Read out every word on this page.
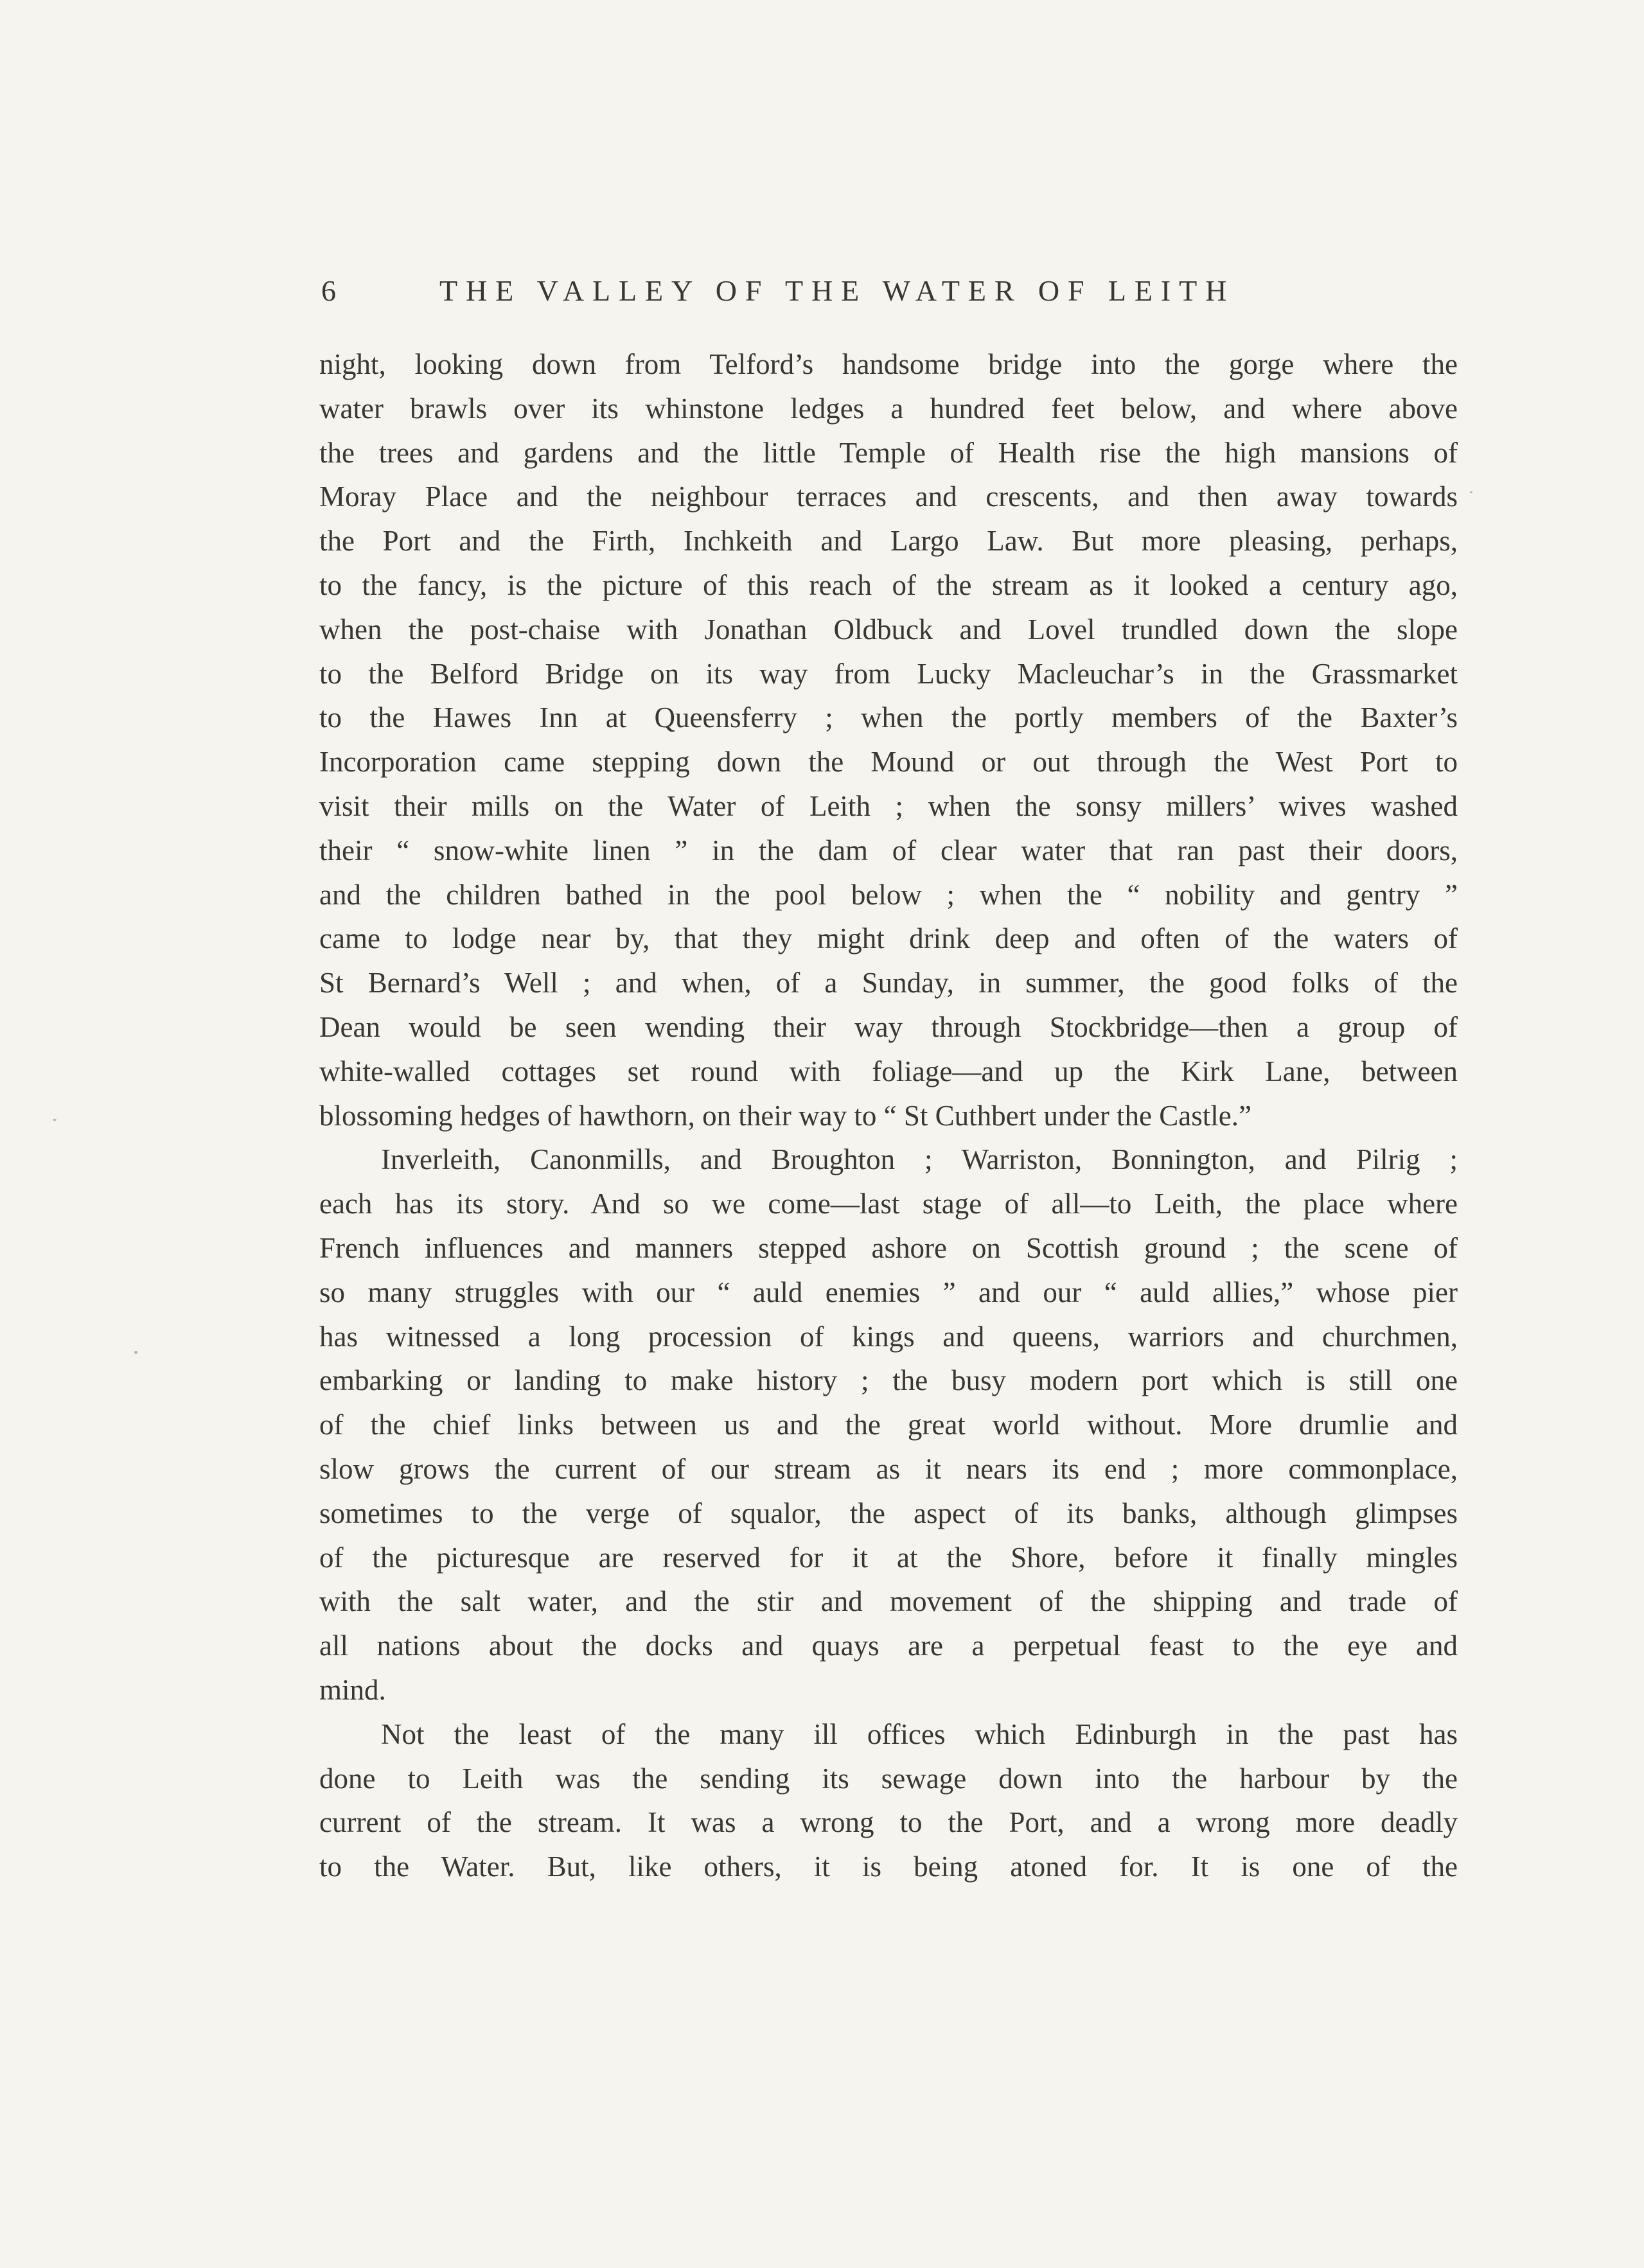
6	THE VALLEY OF THE WATER OF LEITH
night, looking down from Telford’s handsome bridge into the gorge where the
water brawls over its whinstone ledges a hundred feet below, and where above
the trees and gardens and the little Temple of Health rise the high mansions of
Moray Place and the neighbour terraces and crescents, and then away towards
the Port and the Firth, Inchkeith and Largo Law. But more pleasing, perhaps,
to the fancy, is the picture of this reach of the stream as it looked a century ago,
when the post-chaise with Jonathan Oldbuck and Lovel trundled down the slope
to the Belford Bridge on its way from Lucky Macleuchar’s in the Grassmarket
to the Hawes Inn at Queensferry ; when the portly members of the Baxter’s
Incorporation came stepping down the Mound or out through the West Port to
visit their mills on the Water of Leith ; when the sonsy millers’ wives washed
their “ snow-white linen ” in the dam of clear water that ran past their doors,
and the children bathed in the pool below ; when the “ nobility and gentry ”
came to lodge near by, that they might drink deep and often of the waters of
St Bernard’s Well ; and when, of a Sunday, in summer, the good folks of the
Dean would be seen wending their way through Stockbridge—then a group of
white-walled cottages set round with foliage—and up the Kirk Lane, between
blossoming hedges of hawthorn, on their way to “ St Cuthbert under the Castle.”
Inverleith, Canonmills, and Broughton ; Warriston, Bonnington, and Pilrig ;
each has its story. And so we come—last stage of all—to Leith, the place where
French influences and manners stepped ashore on Scottish ground ; the scene of
so many struggles with our “ auld enemies ” and our “ auld allies,” whose pier
has witnessed a long procession of kings and queens, warriors and churchmen,
embarking or landing to make history ; the busy modern port which is still one
of the chief links between us and the great world without. More drumlie and
slow grows the current of our stream as it nears its end ; more commonplace,
sometimes to the verge of squalor, the aspect of its banks, although glimpses
of the picturesque are reserved for it at the Shore, before it finally mingles
with the salt water, and the stir and movement of the shipping and trade of
all nations about the docks and quays are a perpetual feast to the eye and
mind.
Not the least of the many ill offices which Edinburgh in the past has
done to Leith was the sending its sewage down into the harbour by the
current of the stream. It was a wrong to the Port, and a wrong more deadly
to the Water. But, like others, it is being atoned for. It is one of the
